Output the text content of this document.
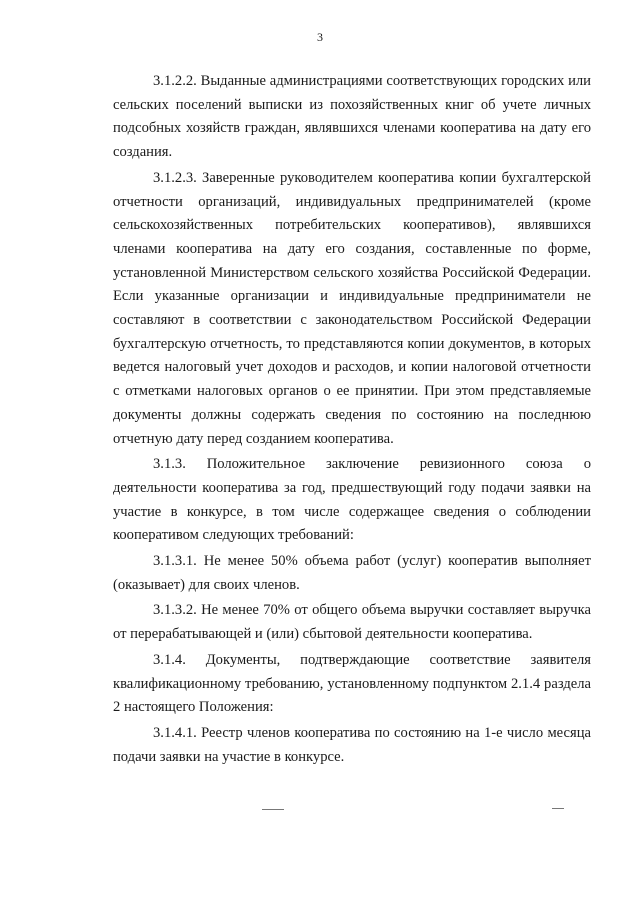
3

3.1.2.2. Выданные администрациями соответствующих городских или сельских поселений выписки из похозяйственных книг об учете личных подсобных хозяйств граждан, являвшихся членами кооператива на дату его создания.

3.1.2.3. Заверенные руководителем кооператива копии бухгалтерской отчетности организаций, индивидуальных предпринимателей (кроме сельскохозяйственных потребительских кооперативов), являвшихся членами кооператива на дату его создания, составленные по форме, установленной Министерством сельского хозяйства Российской Федерации. Если указанные организации и индивидуальные предприниматели не составляют в соответствии с законодательством Российской Федерации бухгалтерскую отчетность, то представляются копии документов, в которых ведется налоговый учет доходов и расходов, и копии налоговой отчетности с отметками налоговых органов о ее принятии. При этом представляемые документы должны содержать сведения по состоянию на последнюю отчетную дату перед созданием кооператива.

3.1.3. Положительное заключение ревизионного союза о деятельности кооператива за год, предшествующий году подачи заявки на участие в конкурсе, в том числе содержащее сведения о соблюдении кооперативом следующих требований:

3.1.3.1. Не менее 50% объема работ (услуг) кооператив выполняет (оказывает) для своих членов.

3.1.3.2. Не менее 70% от общего объема выручки составляет выручка от перерабатывающей и (или) сбытовой деятельности кооператива.

3.1.4. Документы, подтверждающие соответствие заявителя квалификационному требованию, установленному подпунктом 2.1.4 раздела 2 настоящего Положения:

3.1.4.1. Реестр членов кооператива по состоянию на 1-е число месяца подачи заявки на участие в конкурсе.
